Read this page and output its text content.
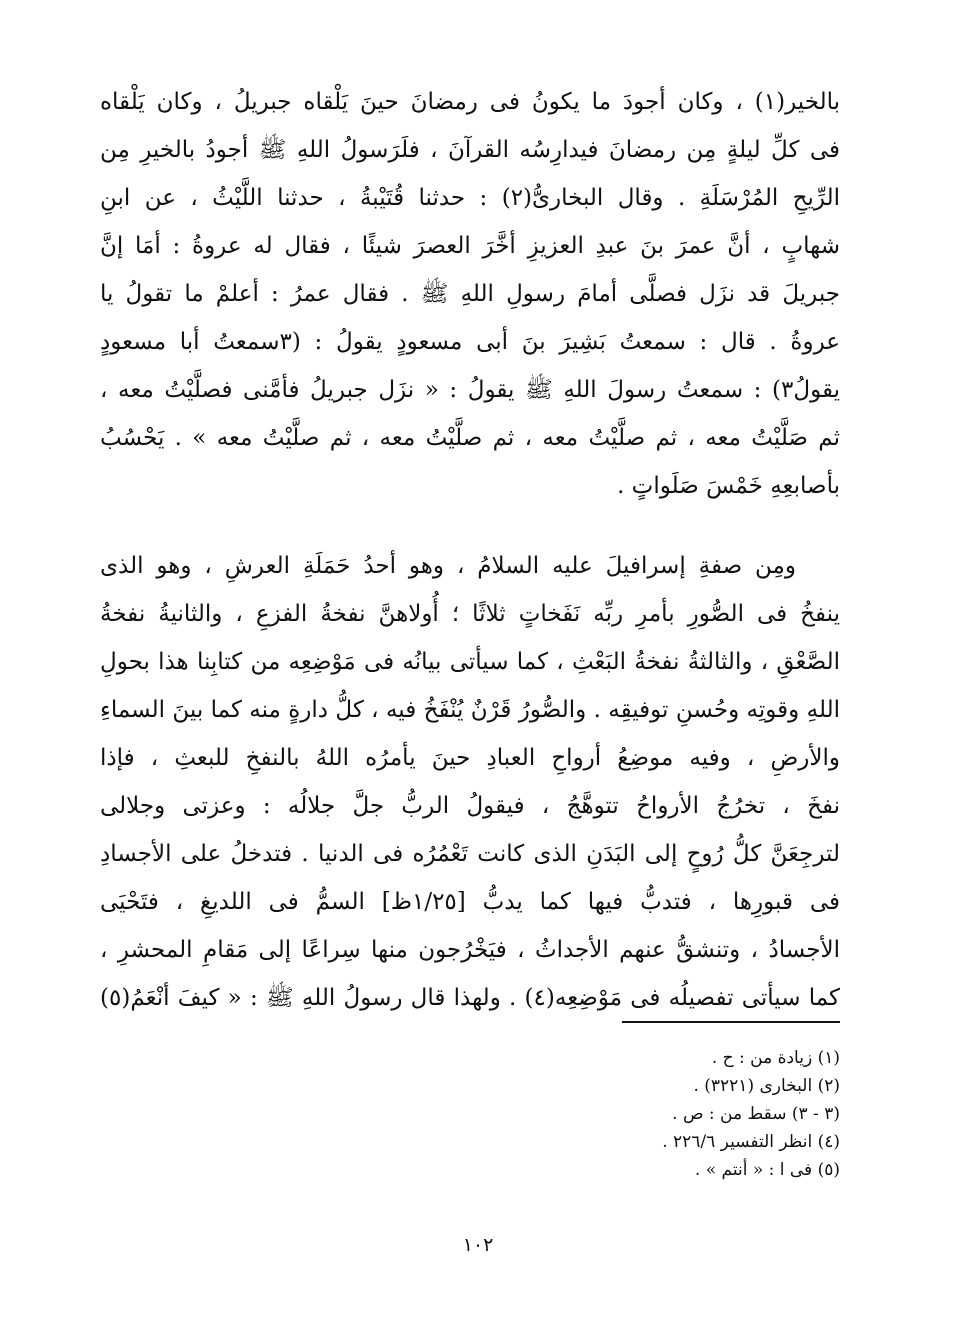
بالخير(١) ، وكان أجودَ ما يكونُ فى رمضانَ حينَ يَلْقاه جبريلُ ، وكان يَلْقاه
فى كلِّ ليلةٍ مِن رمضانَ فيدارِسُه القرآنَ ، فلَرَسولُ اللهِ ﷺ أجودُ بالخيرِ مِن
الرِّيحِ المُرْسَلَةِ . وقال البخارىُّ(٢) : حدثنا قُتَيْبةُ ، حدثنا اللَّيْثُ ، عن ابنِ
شهابٍ ، أنَّ عمرَ بنَ عبدِ العزيزِ أخَّرَ العصرَ شيئًا ، فقال له عروةُ : أمَا إنَّ
جبريلَ قد نزَل فصلَّى أمامَ رسولِ اللهِ ﷺ . فقال عمرُ : أعلمْ ما تقولُ يا
عروةُ . قال : سمعتُ بَشِيرَ بنَ أبى مسعودٍ يقولُ : (٣سمعتُ أبا مسعودٍ
يقولُ٣) : سمعتُ رسولَ اللهِ ﷺ يقولُ : « نزَل جبريلُ فأمَّنى فصلَّيْتُ معه ،
ثم صَلَّيْتُ معه ، ثم صلَّيْتُ معه ، ثم صلَّيْتُ معه ، ثم صلَّيْتُ معه » . يَحْسُبُ
بأصابعِهِ خَمْسَ صَلَواتٍ .
ومِن صفةِ إسرافيلَ عليه السلامُ ، وهو أحدُ حَمَلَةِ العرشِ ، وهو الذى
ينفخُ فى الصُّورِ بأمرِ ربِّه نَفَخاتٍ ثلاثًا ؛ أُولاهنَّ نفخةُ الفزعِ ، والثانيةُ نفخةُ
الصَّعْقِ ، والثالثةُ نفخةُ البَعْثِ ، كما سيأتى بيانُه فى مَوْضِعِه من كتابِنا هذا بحولِ
اللهِ وقوتِه وحُسنِ توفيقِه . والصُّورُ قَرْنٌ يُنْفَخُ فيه ، كلُّ دارةٍ منه كما بينَ السماءِ
والأرضِ ، وفيه موضِعُ أرواحِ العبادِ حينَ يأمرُه اللهُ بالنفخِ للبعثِ ، فإذا
نفخَ ، تخرُجُ الأرواحُ تتوهَّجُ ، فيقولُ الربُّ جلَّ جلالُه : وعزتى وجلالى
لترجِعَنَّ كلُّ رُوحٍ إلى البَدَنِ الذى كانت تَعْمُرُه فى الدنيا . فتدخلُ على الأجسادِ
فى قبورِها ، فتدبُّ فيها كما يدبُّ [١/٢٥ظ] السمُّ فى اللديغِ ، فتَحْيَى
الأجسادُ ، وتنشقُّ عنهم الأجداثُ ، فيَخْرُجون منها سِراعًا إلى مَقامِ المحشرِ ،
كما سيأتى تفصيلُه فى مَوْضِعِه(٤) . ولهذا قال رسولُ اللهِ ﷺ : « كيفَ أنْعَمُ(٥)
(١) زيادة من : ح .
(٢) البخارى (٣٢٢١) .
(٣ - ٣) سقط من : ص .
(٤) انظر التفسير ٢٢٦/٦ .
(٥) فى ا : « أنتم » .
١٠٢
